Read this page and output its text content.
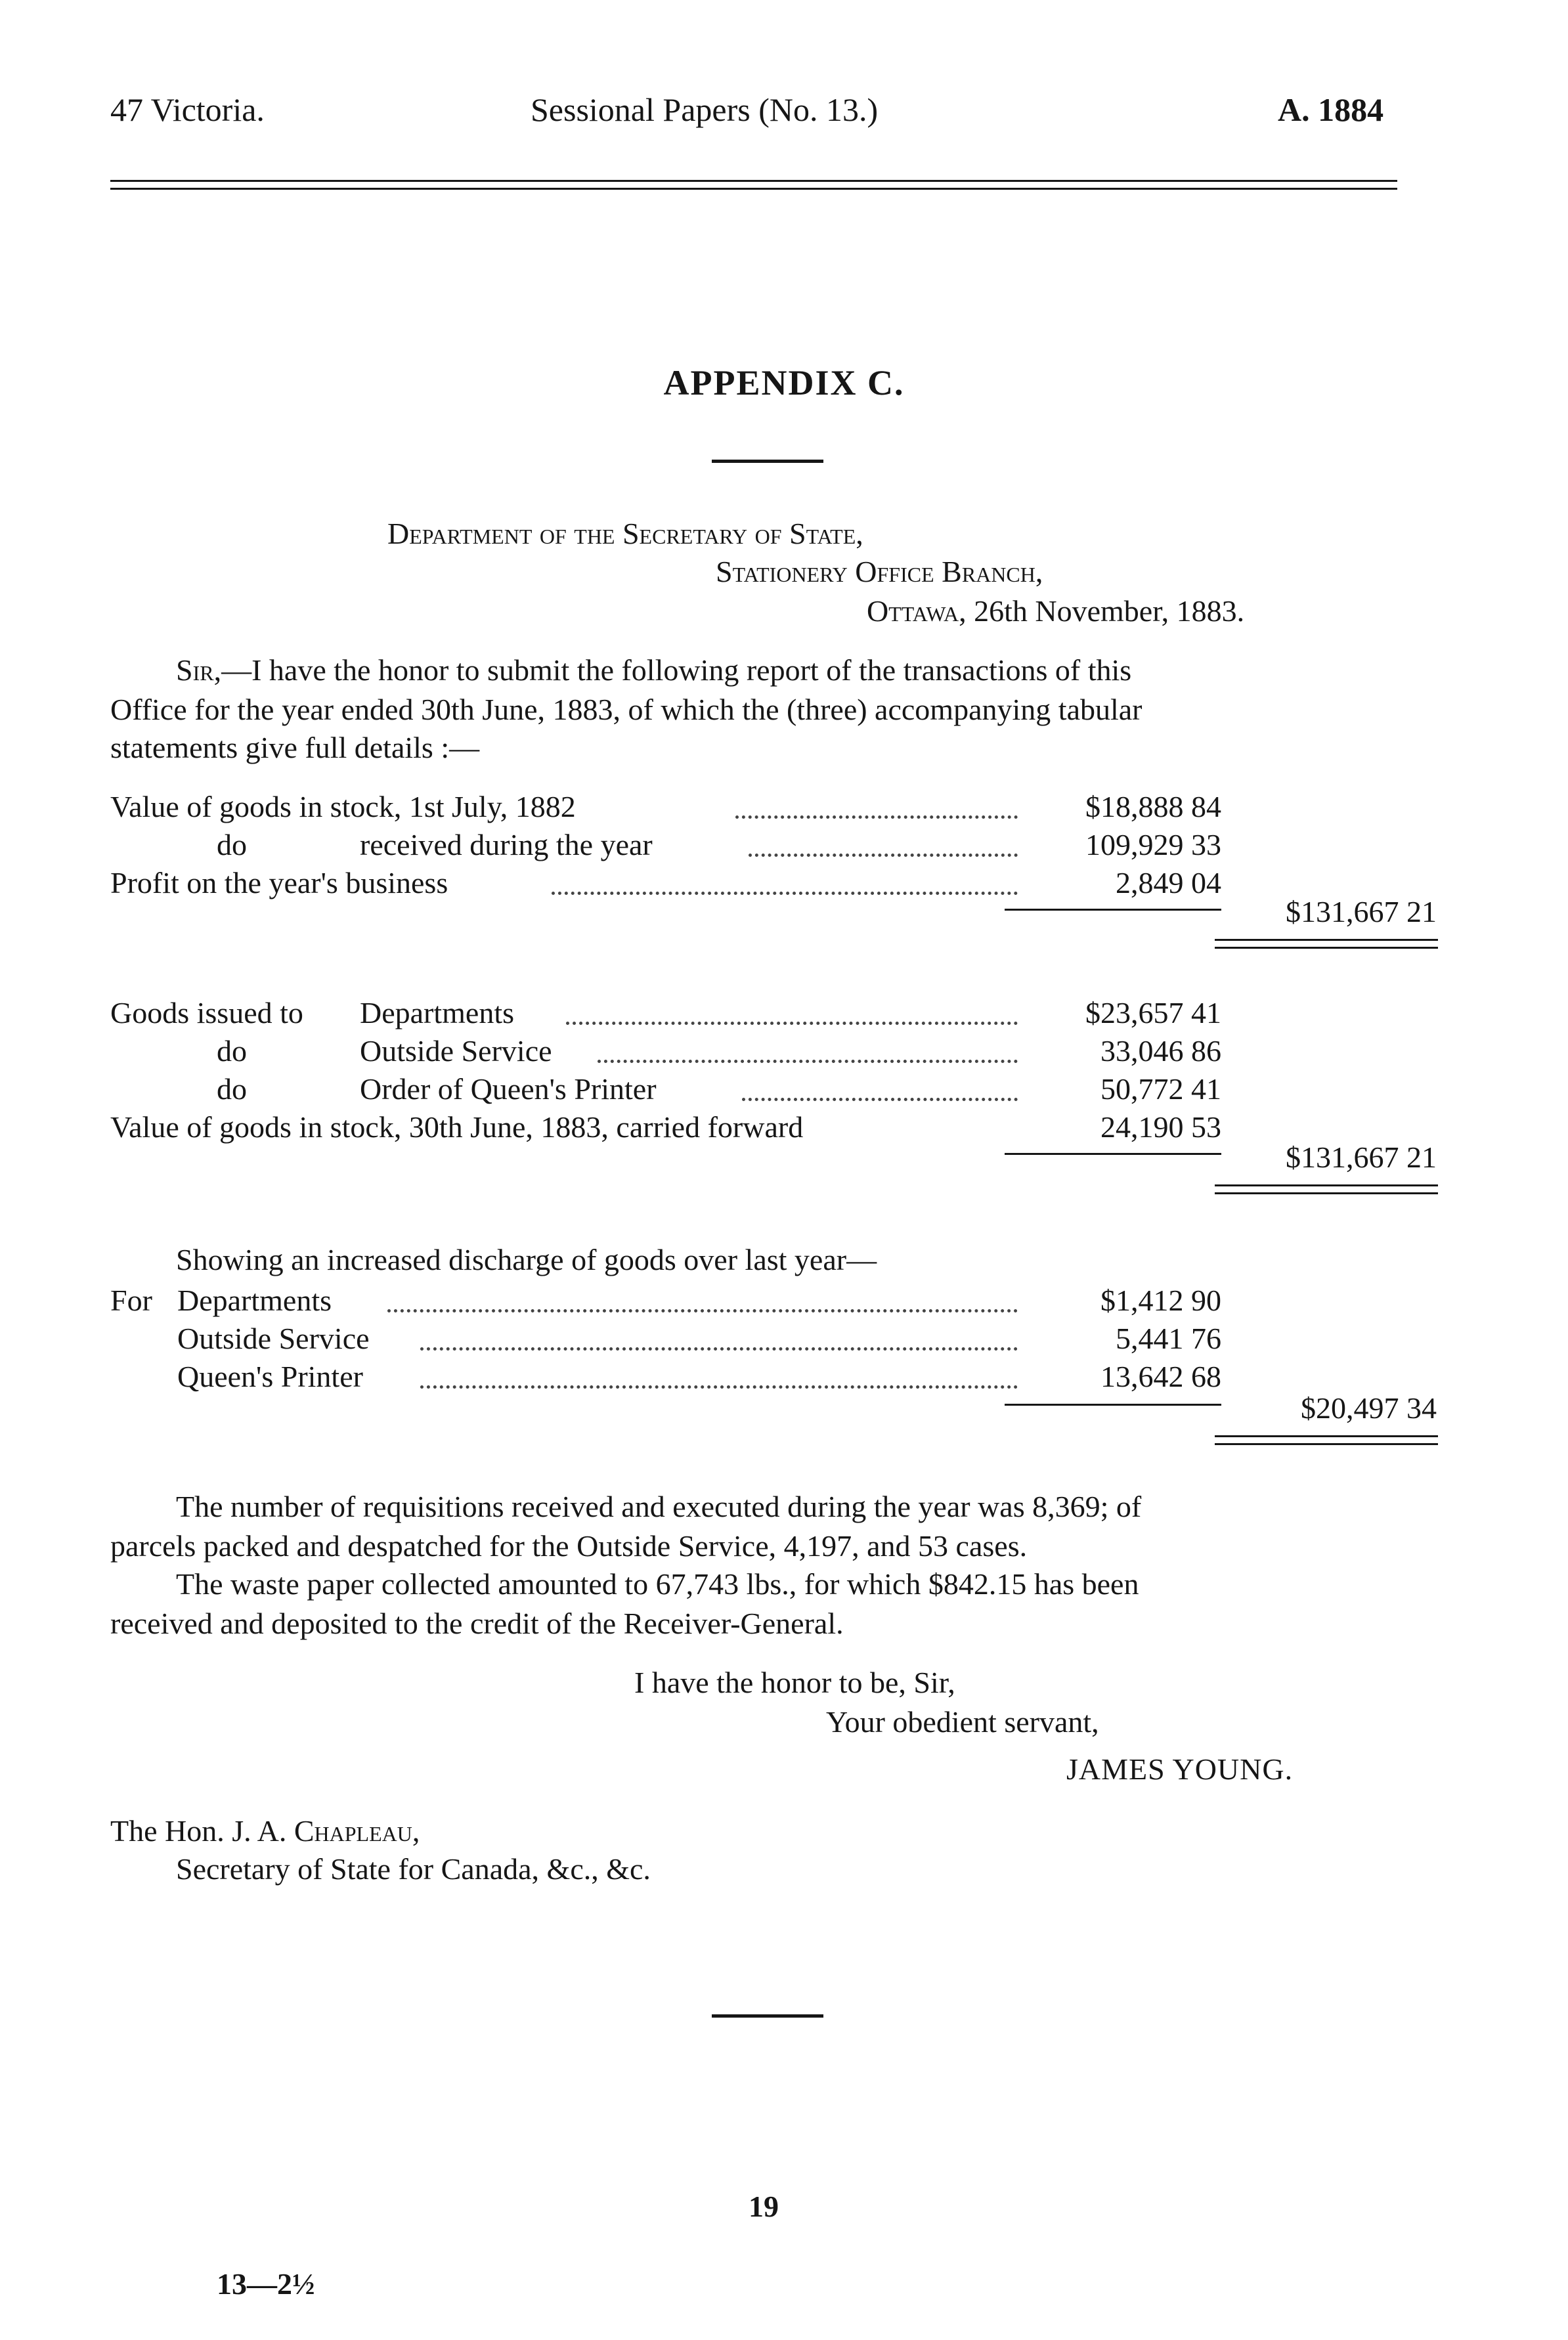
47 Victoria.	Sessional Papers (No. 13.)	A. 1884
APPENDIX C.
Department of the Secretary of State,
Stationery Office Branch,
Ottawa, 26th November, 1883.
Sir,—I have the honor to submit the following report of the transactions of this
Office for the year ended 30th June, 1883, of which the (three) accompanying tabular
statements give full details :—
Value of goods in stock, 1st July, 1882	$18,888 84
do	received during the year	109,929 33
Profit on the year's business	2,849 04
$131,667 21
Goods issued to Departments	$23,657 41
do	Outside Service	33,046 86
do	Order of Queen's Printer	50,772 41
Value of goods in stock, 30th June, 1883, carried forward	24,190 53
$131,667 21
Showing an increased discharge of goods over last year—
For Departments	$1,412 90
Outside Service	5,441 76
Queen's Printer	13,642 68
$20,497 34
The number of requisitions received and executed during the year was 8,369; of
parcels packed and despatched for the Outside Service, 4,197, and 53 cases.
The waste paper collected amounted to 67,743 lbs., for which $842.15 has been
received and deposited to the credit of the Receiver-General.
I have the honor to be, Sir,
Your obedient servant,
JAMES YOUNG.
The Hon. J. A. Chapleau,
Secretary of State for Canada, &c., &c.
19
13—2½
